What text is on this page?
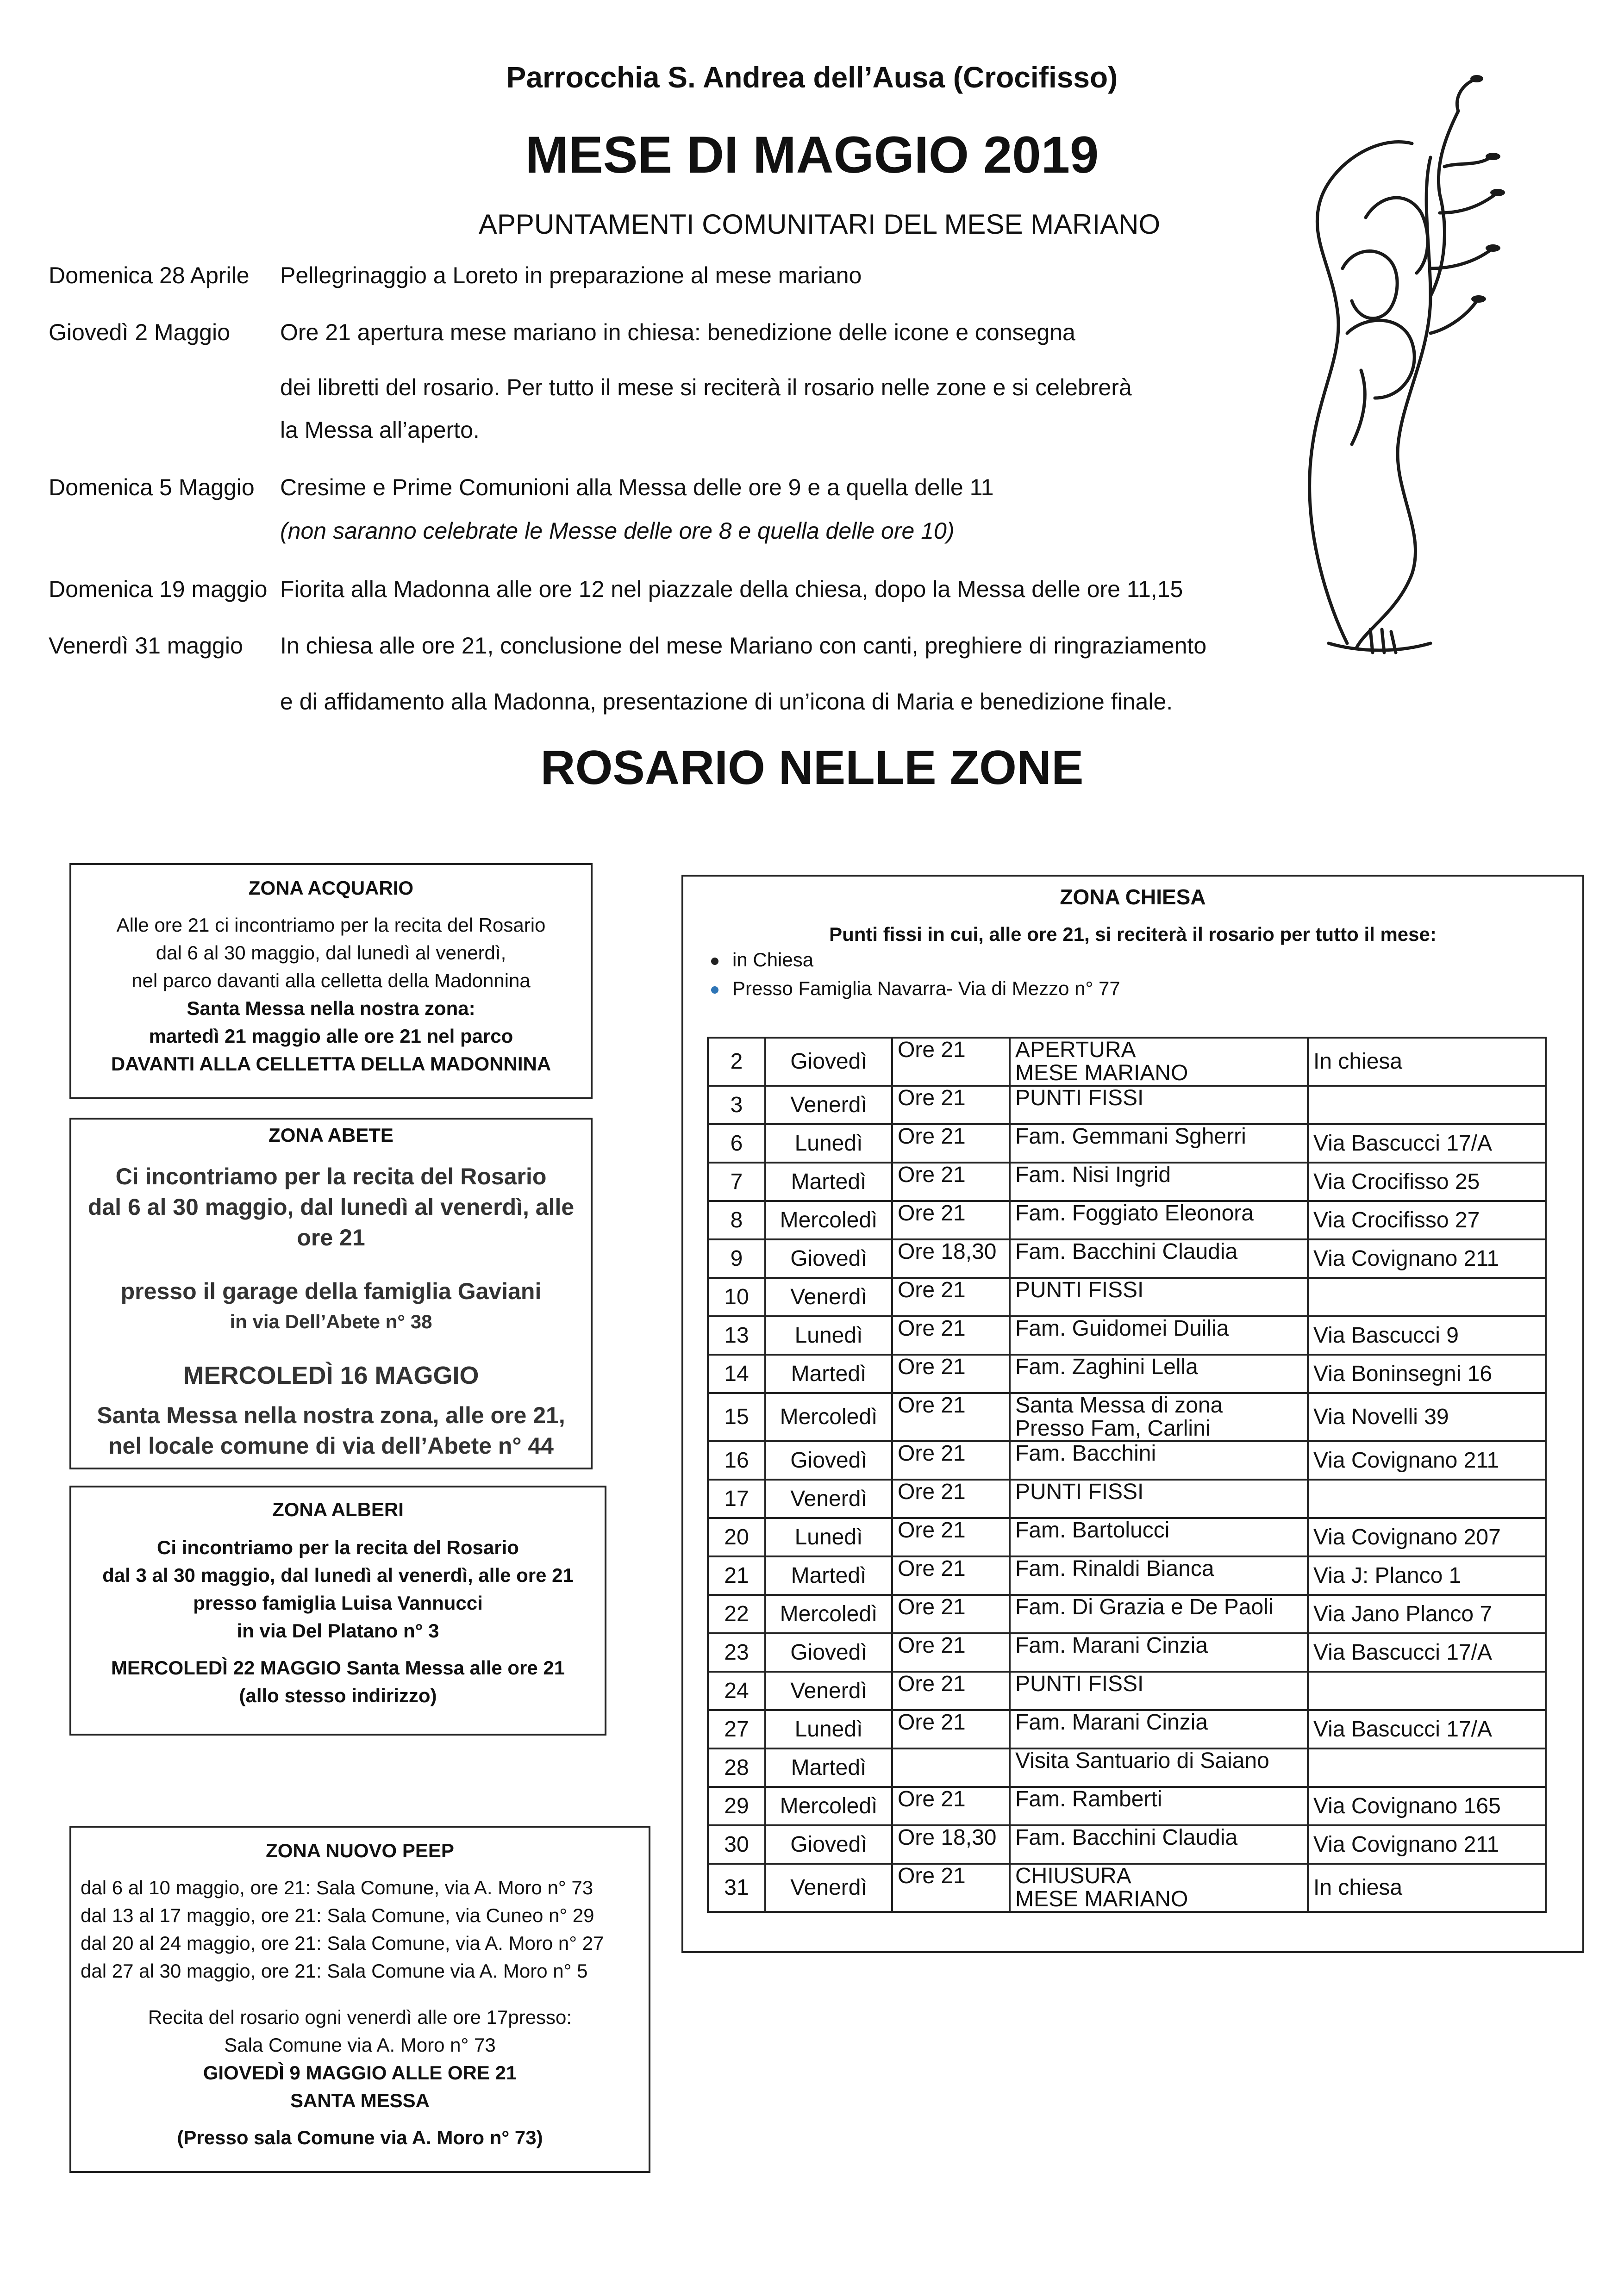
Parrocchia S. Andrea dell’Ausa (Crocifisso)
MESE DI MAGGIO 2019
APPUNTAMENTI COMUNITARI DEL MESE MARIANO
Domenica 28 Aprile	Pellegrinaggio a Loreto in preparazione al mese mariano
Giovedì 2 Maggio	Ore 21 apertura mese mariano in chiesa: benedizione delle icone e consegna
dei libretti del rosario. Per tutto il mese si reciterà il rosario nelle zone e si celebrerà
la Messa all’aperto.
Domenica 5 Maggio	Cresime e Prime Comunioni alla Messa delle ore 9 e a quella delle 11
(non saranno celebrate le Messe delle ore 8 e quella delle ore 10)
Domenica 19 maggio Fiorita alla Madonna alle ore 12 nel piazzale della chiesa, dopo la Messa delle ore 11,15
Venerdì 31 maggio	In chiesa alle ore 21, conclusione del mese Mariano con canti, preghiere di ringraziamento
e di affidamento alla Madonna, presentazione di un’icona di Maria e benedizione finale.
ROSARIO NELLE ZONE
ZONA ACQUARIO
Alle ore 21 ci incontriamo per la recita del Rosario
dal 6 al 30 maggio, dal lunedì al venerdì,
nel parco davanti alla celletta della Madonnina
Santa Messa nella nostra zona:
martedì 21 maggio alle ore 21 nel parco
DAVANTI ALLA CELLETTA DELLA MADONNINA
ZONA ABETE
Ci incontriamo per la recita del Rosario
dal 6 al 30 maggio, dal lunedì al venerdì, alle ore 21
presso il garage della famiglia Gaviani
in via Dell’Abete n° 38
MERCOLEDÌ 16 MAGGIO
Santa Messa nella nostra zona, alle ore 21,
nel locale comune di via dell’Abete n° 44
ZONA ALBERI
Ci incontriamo per la recita del Rosario
dal 3 al 30 maggio, dal lunedì al venerdì, alle ore 21
presso famiglia Luisa Vannucci
in via Del Platano n° 3
MERCOLEDÌ 22 MAGGIO Santa Messa alle ore 21
(allo stesso indirizzo)
ZONA NUOVO PEEP
dal 6 al 10 maggio, ore 21: Sala Comune, via A. Moro n° 73
dal 13 al 17 maggio, ore 21: Sala Comune, via Cuneo n° 29
dal 20 al 24 maggio, ore 21: Sala Comune, via A. Moro n° 27
dal 27 al 30 maggio, ore 21: Sala Comune via A. Moro n° 5
Recita del rosario ogni venerdì alle ore 17presso:
Sala Comune via A. Moro n° 73
GIOVEDÌ 9 MAGGIO ALLE ORE 21
SANTA MESSA
(Presso sala Comune via A. Moro n° 73)
ZONA CHIESA
Punti fissi in cui, alle ore 21, si reciterà il rosario per tutto il mese:
in Chiesa
Presso Famiglia Navarra- Via di Mezzo n° 77
2	Giovedì	Ore 21	APERTURA
MESE MARIANO	In chiesa
3	Venerdì	Ore 21	PUNTI FISSI	
6	Lunedì	Ore 21	Fam. Gemmani Sgherri	Via Bascucci 17/A
7	Martedì	Ore 21	Fam. Nisi Ingrid	Via Crocifisso 25
8	Mercoledì	Ore 21	Fam. Foggiato Eleonora	Via Crocifisso 27
9	Giovedì	Ore 18,30	Fam. Bacchini Claudia	Via Covignano 211
10	Venerdì	Ore 21	PUNTI FISSI	
13	Lunedì	Ore 21	Fam. Guidomei Duilia	Via Bascucci 9
14	Martedì	Ore 21	Fam. Zaghini Lella	Via Boninsegni 16
15	Mercoledì	Ore 21	Santa Messa di zona
Presso Fam, Carlini	Via Novelli 39
16	Giovedì	Ore 21	Fam. Bacchini	Via Covignano 211
17	Venerdì	Ore 21	PUNTI FISSI	
20	Lunedì	Ore 21	Fam. Bartolucci	Via Covignano 207
21	Martedì	Ore 21	Fam. Rinaldi Bianca	Via J: Planco 1
22	Mercoledì	Ore 21	Fam. Di Grazia e De Paoli	Via Jano Planco 7
23	Giovedì	Ore 21	Fam. Marani Cinzia	Via Bascucci 17/A
24	Venerdì	Ore 21	PUNTI FISSI	
27	Lunedì	Ore 21	Fam. Marani Cinzia	Via Bascucci 17/A
28	Martedì		Visita Santuario di Saiano	
29	Mercoledì	Ore 21	Fam. Ramberti	Via Covignano 165
30	Giovedì	Ore 18,30	Fam. Bacchini Claudia	Via Covignano 211
31	Venerdì	Ore 21	CHIUSURA
MESE MARIANO	In chiesa
